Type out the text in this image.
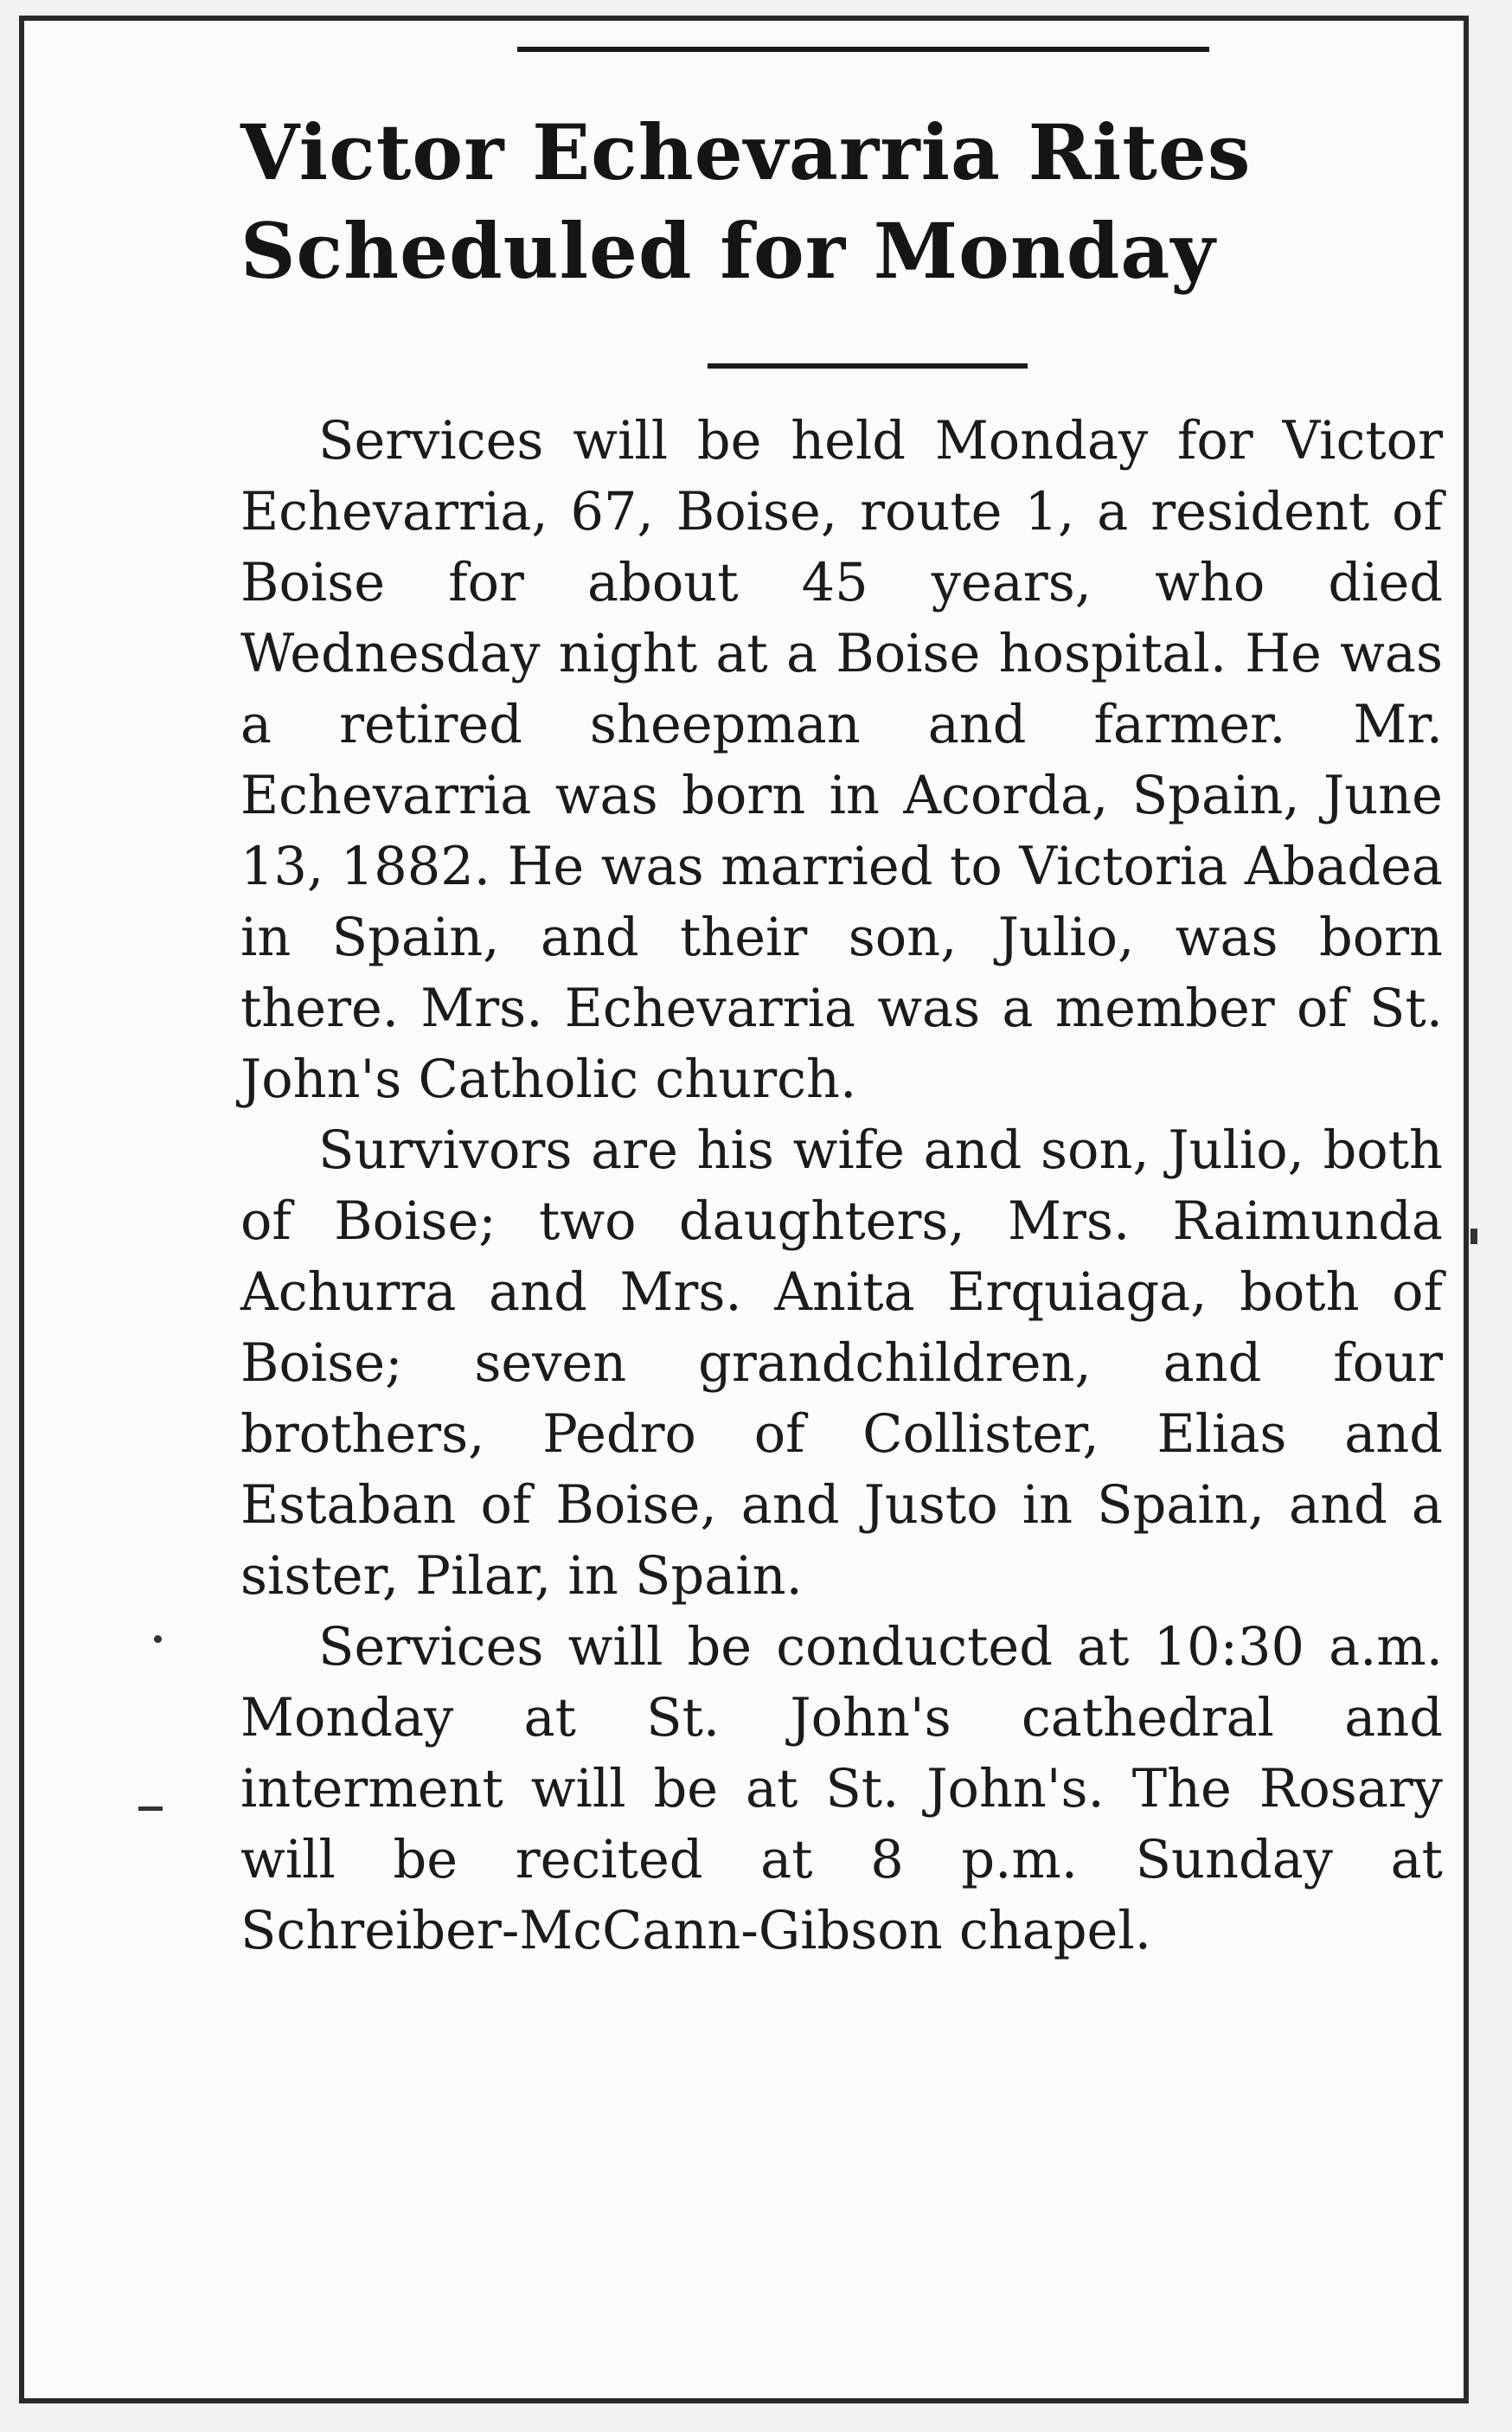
Victor Echevarria Rites
Scheduled for Monday

Services will be held Monday for Victor Echevarria, 67, Boise, route 1, a resident of Boise for about 45 years, who died Wednesday night at a Boise hospital. He was a retired sheepman and farmer. Mr. Echevarria was born in Acorda, Spain, June 13, 1882. He was married to Victoria Abadea in Spain, and their son, Julio, was born there. Mrs. Echevarria was a member of St. John's Catholic church.

Survivors are his wife and son, Julio, both of Boise; two daughters, Mrs. Raimunda Achurra and Mrs. Anita Erquiaga, both of Boise; seven grandchildren, and four brothers, Pedro of Collister, Elias and Estaban of Boise, and Justo in Spain, and a sister, Pilar, in Spain.

Services will be conducted at 10:30 a.m. Monday at St. John's cathedral and interment will be at St. John's. The Rosary will be recited at 8 p.m. Sunday at Schreiber-McCann-Gibson chapel.
